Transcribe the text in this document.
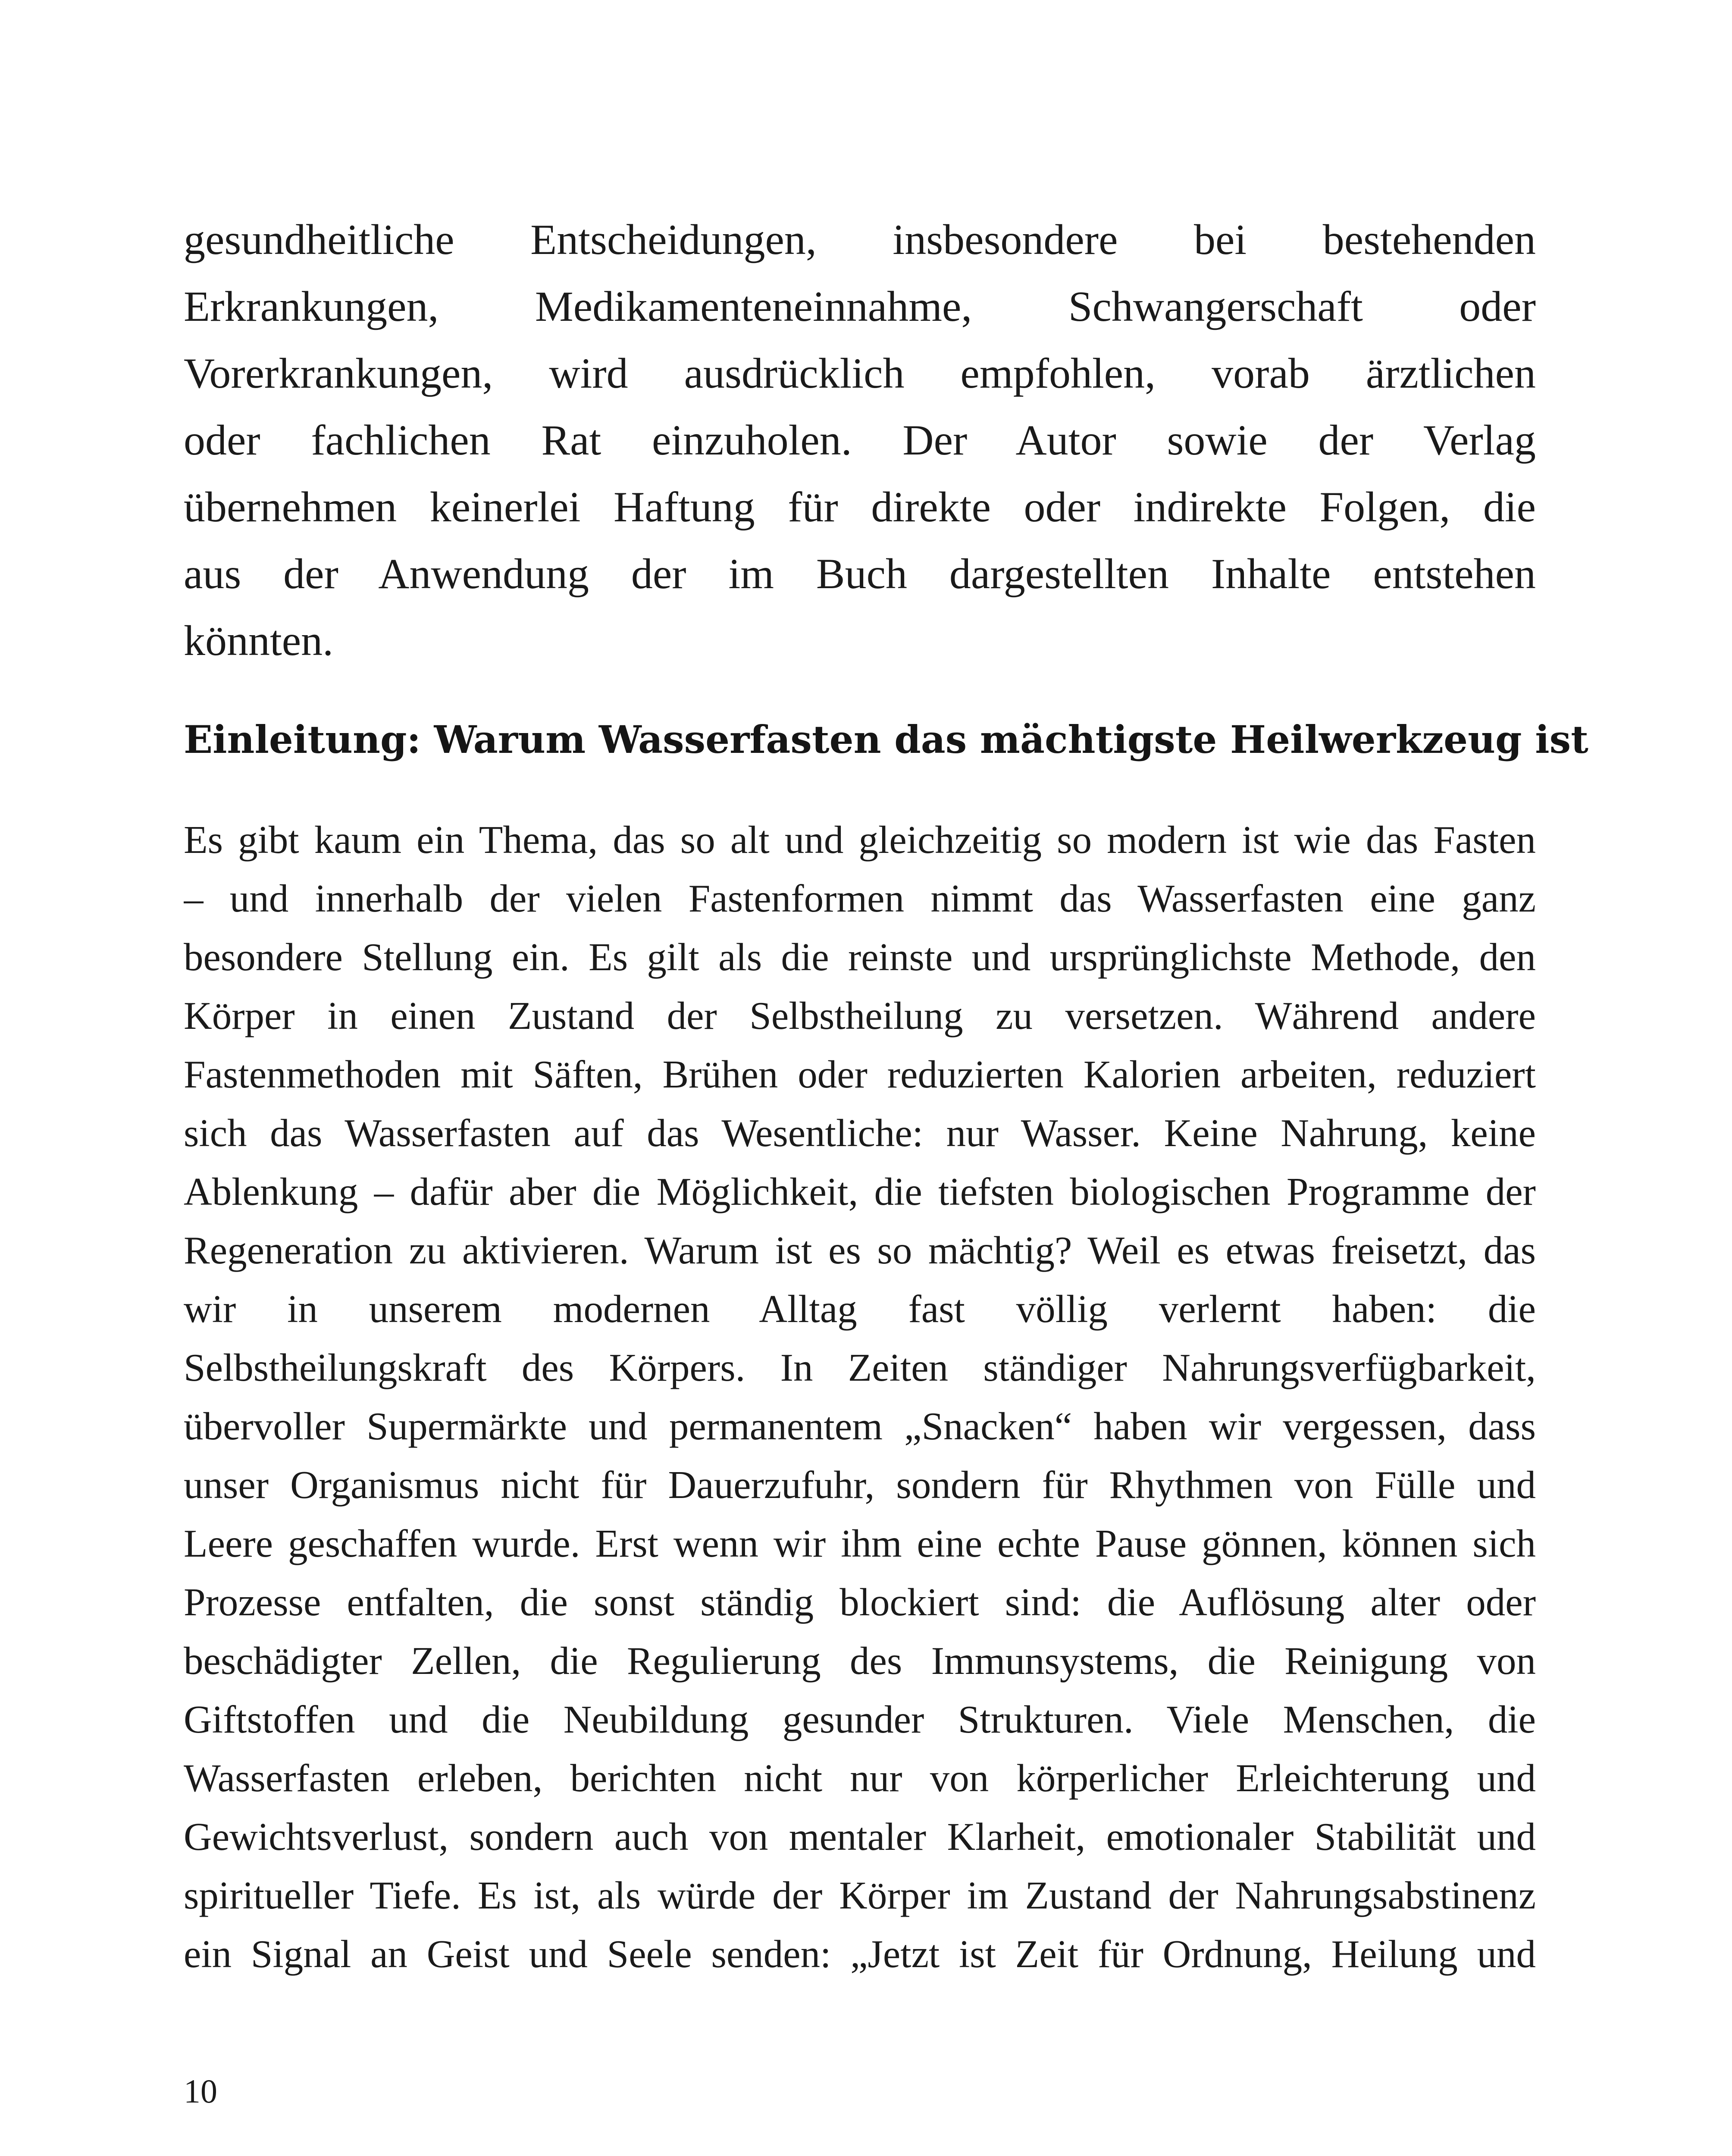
gesundheitliche Entscheidungen, insbesondere bei bestehenden
Erkrankungen, Medikamenteneinnahme, Schwangerschaft oder
Vorerkrankungen, wird ausdrücklich empfohlen, vorab ärztlichen
oder fachlichen Rat einzuholen. Der Autor sowie der Verlag
übernehmen keinerlei Haftung für direkte oder indirekte Folgen, die
aus der Anwendung der im Buch dargestellten Inhalte entstehen
könnten.
Einleitung: Warum Wasserfasten das mächtigste Heilwerkzeug ist
Es gibt kaum ein Thema, das so alt und gleichzeitig so modern ist wie das Fasten
– und innerhalb der vielen Fastenformen nimmt das Wasserfasten eine ganz
besondere Stellung ein. Es gilt als die reinste und ursprünglichste Methode, den
Körper in einen Zustand der Selbstheilung zu versetzen. Während andere
Fastenmethoden mit Säften, Brühen oder reduzierten Kalorien arbeiten, reduziert
sich das Wasserfasten auf das Wesentliche: nur Wasser. Keine Nahrung, keine
Ablenkung – dafür aber die Möglichkeit, die tiefsten biologischen Programme der
Regeneration zu aktivieren. Warum ist es so mächtig? Weil es etwas freisetzt, das
wir in unserem modernen Alltag fast völlig verlernt haben: die
Selbstheilungskraft des Körpers. In Zeiten ständiger Nahrungsverfügbarkeit,
übervoller Supermärkte und permanentem „Snacken“ haben wir vergessen, dass
unser Organismus nicht für Dauerzufuhr, sondern für Rhythmen von Fülle und
Leere geschaffen wurde. Erst wenn wir ihm eine echte Pause gönnen, können sich
Prozesse entfalten, die sonst ständig blockiert sind: die Auflösung alter oder
beschädigter Zellen, die Regulierung des Immunsystems, die Reinigung von
Giftstoffen und die Neubildung gesunder Strukturen. Viele Menschen, die
Wasserfasten erleben, berichten nicht nur von körperlicher Erleichterung und
Gewichtsverlust, sondern auch von mentaler Klarheit, emotionaler Stabilität und
spiritueller Tiefe. Es ist, als würde der Körper im Zustand der Nahrungsabstinenz
ein Signal an Geist und Seele senden: „Jetzt ist Zeit für Ordnung, Heilung und
10
